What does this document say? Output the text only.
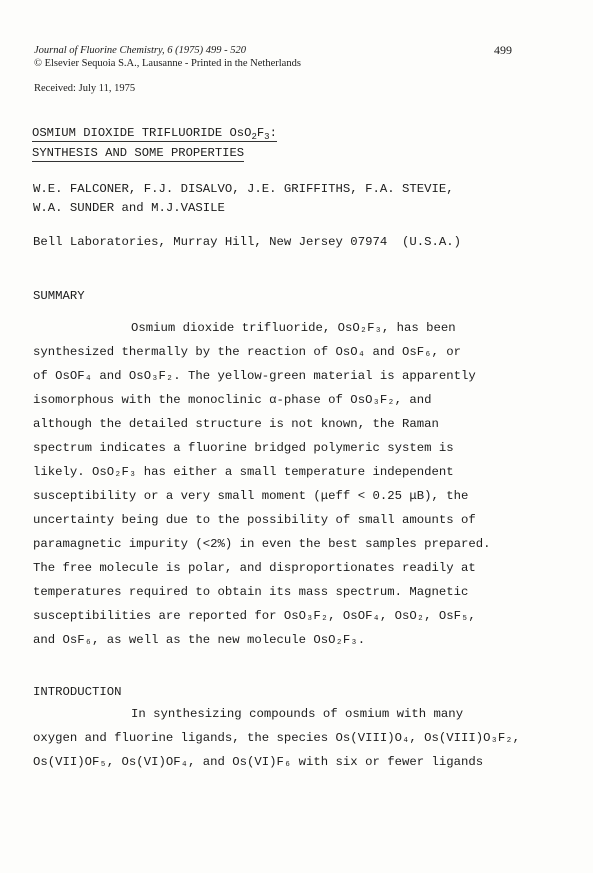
Journal of Fluorine Chemistry, 6 (1975) 499 - 520
© Elsevier Sequoia S.A., Lausanne - Printed in the Netherlands
Received: July 11, 1975
499
OSMIUM DIOXIDE TRIFLUORIDE $OsO_2F_3$:
SYNTHESIS AND SOME PROPERTIES
W.E. FALCONER, F.J. DISALVO, J.E. GRIFFITHS, F.A. STEVIE,
W.A. SUNDER and M.J.VASILE
Bell Laboratories, Murray Hill, New Jersey 07974 (U.S.A.)
SUMMARY
Osmium dioxide trifluoride, OsO₂F₃, has been
synthesized thermally by the reaction of OsO₄ and OsF₆, or
of OsOF₄ and OsO₃F₂. The yellow-green material is apparently
isomorphous with the monoclinic α-phase of OsO₃F₂, and
although the detailed structure is not known, the Raman
spectrum indicates a fluorine bridged polymeric system is
likely. OsO₂F₃ has either a small temperature independent
susceptibility or a very small moment (μeff < 0.25 μB), the
uncertainty being due to the possibility of small amounts of
paramagnetic impurity (<2%) in even the best samples prepared.
The free molecule is polar, and disproportionates readily at
temperatures required to obtain its mass spectrum. Magnetic
susceptibilities are reported for OsO₃F₂, OsOF₄, OsO₂, OsF₅,
and OsF₆, as well as the new molecule OsO₂F₃.
INTRODUCTION
In synthesizing compounds of osmium with many
oxygen and fluorine ligands, the species Os(VIII)O₄, Os(VIII)O₃F₂,
Os(VII)OF₅, Os(VI)OF₄, and Os(VI)F₆ with six or fewer ligands
